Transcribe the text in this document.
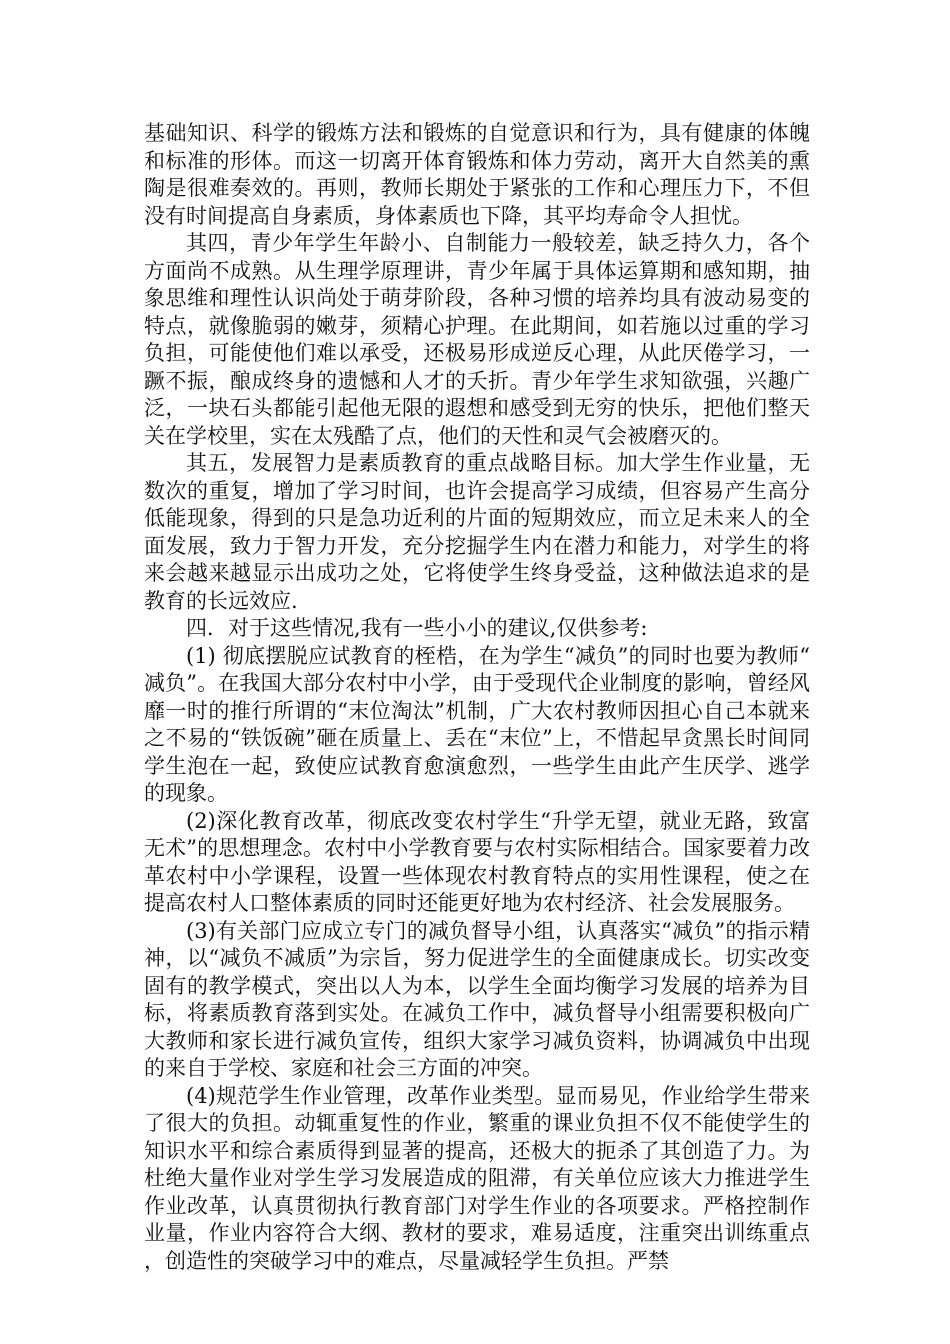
基础知识、科学的锻炼方法和锻炼的自觉意识和行为，具有健康的体魄和标准的形体。而这一切离开体育锻炼和体力劳动，离开大自然美的熏陶是很难奏效的。再则，教师长期处于紧张的工作和心理压力下，不但没有时间提高自身素质，身体素质也下降，其平均寿命令人担忧。

其四，青少年学生年龄小、自制能力一般较差，缺乏持久力，各个方面尚不成熟。从生理学原理讲，青少年属于具体运算期和感知期，抽象思维和理性认识尚处于萌芽阶段，各种习惯的培养均具有波动易变的特点，就像脆弱的嫩芽，须精心护理。在此期间，如若施以过重的学习负担，可能使他们难以承受，还极易形成逆反心理，从此厌倦学习，一蹶不振，酿成终身的遗憾和人才的夭折。青少年学生求知欲强，兴趣广泛，一块石头都能引起他无限的遐想和感受到无穷的快乐，把他们整天关在学校里，实在太残酷了点，他们的天性和灵气会被磨灭的。

其五，发展智力是素质教育的重点战略目标。加大学生作业量，无数次的重复，增加了学习时间，也许会提高学习成绩，但容易产生高分低能现象，得到的只是急功近利的片面的短期效应，而立足未来人的全面发展，致力于智力开发，充分挖掘学生内在潜力和能力，对学生的将来会越来越显示出成功之处，它将使学生终身受益，这种做法追求的是教育的长远效应.

四．对于这些情况,我有一些小小的建议,仅供参考:

(1) 彻底摆脱应试教育的桎梏，在为学生“减负”的同时也要为教师“减负”。在我国大部分农村中小学，由于受现代企业制度的影响，曾经风靡一时的推行所谓的“末位淘汰”机制，广大农村教师因担心自己本就来之不易的“铁饭碗”砸在质量上、丢在“末位”上，不惜起早贪黑长时间同学生泡在一起，致使应试教育愈演愈烈，一些学生由此产生厌学、逃学的现象。

(2)深化教育改革，彻底改变农村学生“升学无望，就业无路，致富无术”的思想理念。农村中小学教育要与农村实际相结合。国家要着力改革农村中小学课程，设置一些体现农村教育特点的实用性课程，使之在提高农村人口整体素质的同时还能更好地为农村经济、社会发展服务。

(3)有关部门应成立专门的减负督导小组，认真落实“减负”的指示精神，以“减负不减质”为宗旨，努力促进学生的全面健康成长。切实改变固有的教学模式，突出以人为本，以学生全面均衡学习发展的培养为目标，将素质教育落到实处。在减负工作中，减负督导小组需要积极向广大教师和家长进行减负宣传，组织大家学习减负资料，协调减负中出现的来自于学校、家庭和社会三方面的冲突。

(4)规范学生作业管理，改革作业类型。显而易见，作业给学生带来了很大的负担。动辄重复性的作业，繁重的课业负担不仅不能使学生的知识水平和综合素质得到显著的提高，还极大的扼杀了其创造了力。为杜绝大量作业对学生学习发展造成的阻滞，有关单位应该大力推进学生作业改革，认真贯彻执行教育部门对学生作业的各项要求。严格控制作业量，作业内容符合大纲、教材的要求，难易适度，注重突出训练重点，创造性的突破学习中的难点，尽量减轻学生负担。严禁
